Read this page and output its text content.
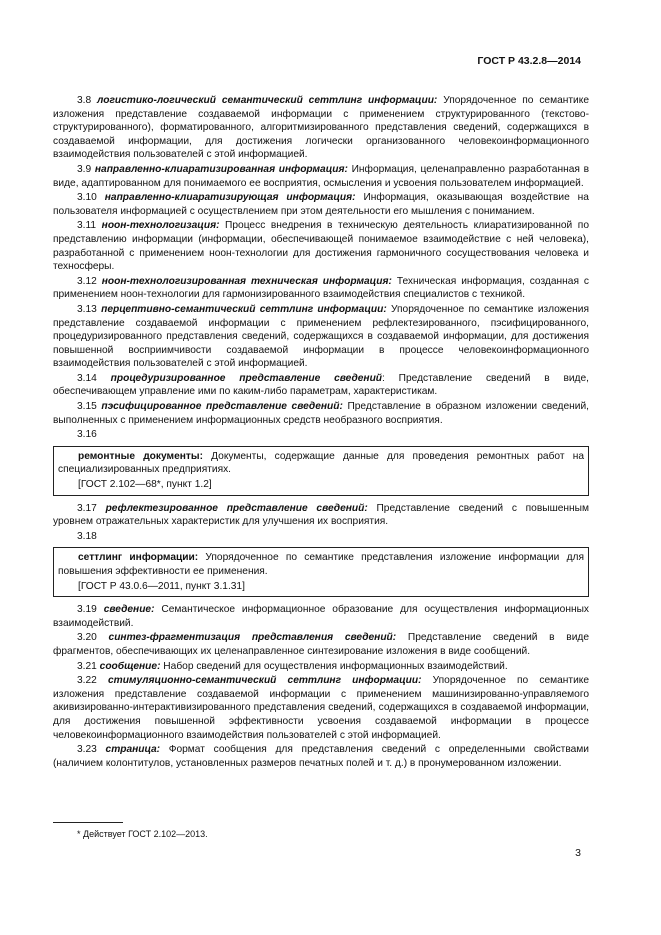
ГОСТ Р 43.2.8—2014

3.8 логистико-логический семантический сеттлинг информации: Упорядоченное по семантике изложения представление создаваемой информации с применением структурированного (текстово-структурированного), форматированного, алгоритмизированного представления сведений, содержащихся в создаваемой информации, для достижения логически организованного человекоинформационного взаимодействия пользователей с этой информацией.

3.9 направленно-клиаратизированная информация: Информация, целенаправленно разработанная в виде, адаптированном для понимаемого ее восприятия, осмысления и усвоения пользователем информацией.

3.10 направленно-клиаратизирующая информация: Информация, оказывающая воздействие на пользователя информацией с осуществлением при этом деятельности его мышления с пониманием.

3.11 ноон-технологизация: Процесс внедрения в техническую деятельность клиаратизированной по представлению информации (информации, обеспечивающей понимаемое взаимодействие с ней человека), разработанной с применением ноон-технологии для достижения гармоничного сосуществования человека и техносферы.

3.12 ноон-технологизированная техническая информация: Техническая информация, созданная с применением ноон-технологии для гармонизированного взаимодействия специалистов с техникой.

3.13 перцептивно-семантический сеттлинг информации: Упорядоченное по семантике изложения представление создаваемой информации с применением рефлектезированного, пэсифицированного, процедуризированного представления сведений, содержащихся в создаваемой информации, для достижения повышенной восприимчивости создаваемой информации в процессе человекоинформационного взаимодействия пользователей с этой информацией.

3.14 процедуризированное представление сведений: Представление сведений в виде, обеспечивающем управление ими по каким-либо параметрам, характеристикам.

3.15 пэсифицированное представление сведений: Представление в образном изложении сведений, выполненных с применением информационных средств необразного восприятия.

3.16

ремонтные документы: Документы, содержащие данные для проведения ремонтных работ на специализированных предприятиях.

[ГОСТ 2.102—68*, пункт 1.2]

3.17 рефлектезированное представление сведений: Представление сведений с повышенным уровнем отражательных характеристик для улучшения их восприятия.

3.18

сеттлинг информации: Упорядоченное по семантике представления изложение информации для повышения эффективности ее применения.

[ГОСТ Р 43.0.6—2011, пункт 3.1.31]

3.19 сведение: Семантическое информационное образование для осуществления информационных взаимодействий.

3.20 синтез-фрагментизация представления сведений: Представление сведений в виде фрагментов, обеспечивающих их целенаправленное синтезирование изложения в виде сообщений.

3.21 сообщение: Набор сведений для осуществления информационных взаимодействий.

3.22 стимуляционно-семантический сеттлинг информации: Упорядоченное по семантике изложения представление создаваемой информации с применением машинизированно-управляемого акивизированно-интерактивизированного представления сведений, содержащихся в создаваемой информации, для достижения повышенной эффективности усвоения создаваемой информации в процессе человекоинформационного взаимодействия пользователей с этой информацией.

3.23 страница: Формат сообщения для представления сведений с определенными свойствами (наличием колонтитулов, установленных размеров печатных полей и т. д.) в пронумерованном изложении.

* Действует ГОСТ 2.102—2013.
3
